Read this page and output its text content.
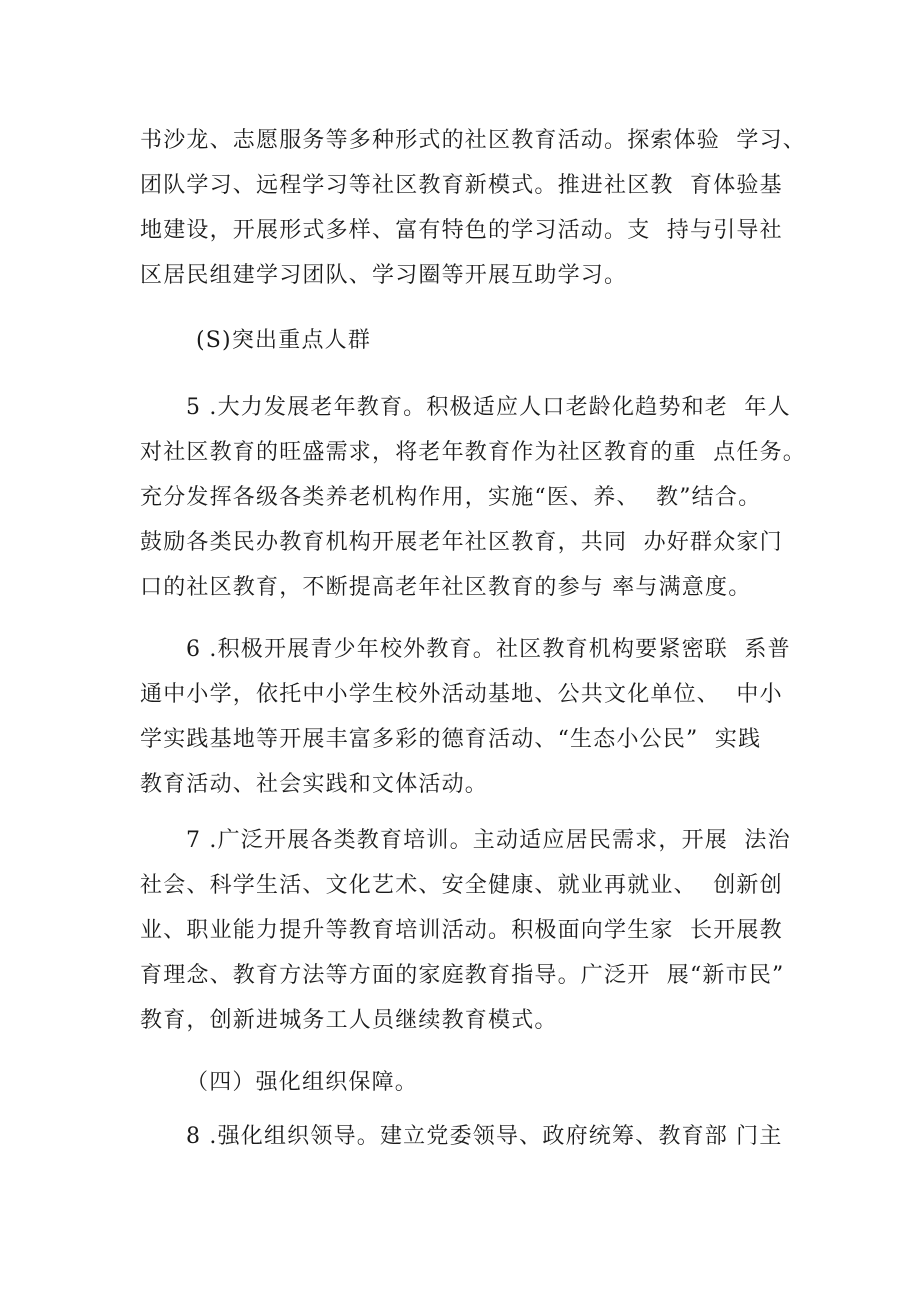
书沙龙、志愿服务等多种形式的社区教育活动。探索体验  学习、
团队学习、远程学习等社区教育新模式。推进社区教  育体验基
地建设，开展形式多样、富有特色的学习活动。支  持与引导社
区居民组建学习团队、学习圈等开展互助学习。
(S)突出重点人群
5 .大力发展老年教育。积极适应人口老龄化趋势和老  年人
对社区教育的旺盛需求，将老年教育作为社区教育的重  点任务。
充分发挥各级各类养老机构作用，实施“医、养、  教”结合。
鼓励各类民办教育机构开展老年社区教育，共同  办好群众家门
口的社区教育，不断提高老年社区教育的参与 率与满意度。
6 .积极开展青少年校外教育。社区教育机构要紧密联  系普
通中小学，依托中小学生校外活动基地、公共文化单位、  中小
学实践基地等开展丰富多彩的德育活动、“生态小公民”  实践
教育活动、社会实践和文体活动。
7 .广泛开展各类教育培训。主动适应居民需求，开展  法治
社会、科学生活、文化艺术、安全健康、就业再就业、  创新创
业、职业能力提升等教育培训活动。积极面向学生家  长开展教
育理念、教育方法等方面的家庭教育指导。广泛开  展“新市民”
教育，创新进城务工人员继续教育模式。
（四）强化组织保障。
8 .强化组织领导。建立党委领导、政府统筹、教育部 门主
